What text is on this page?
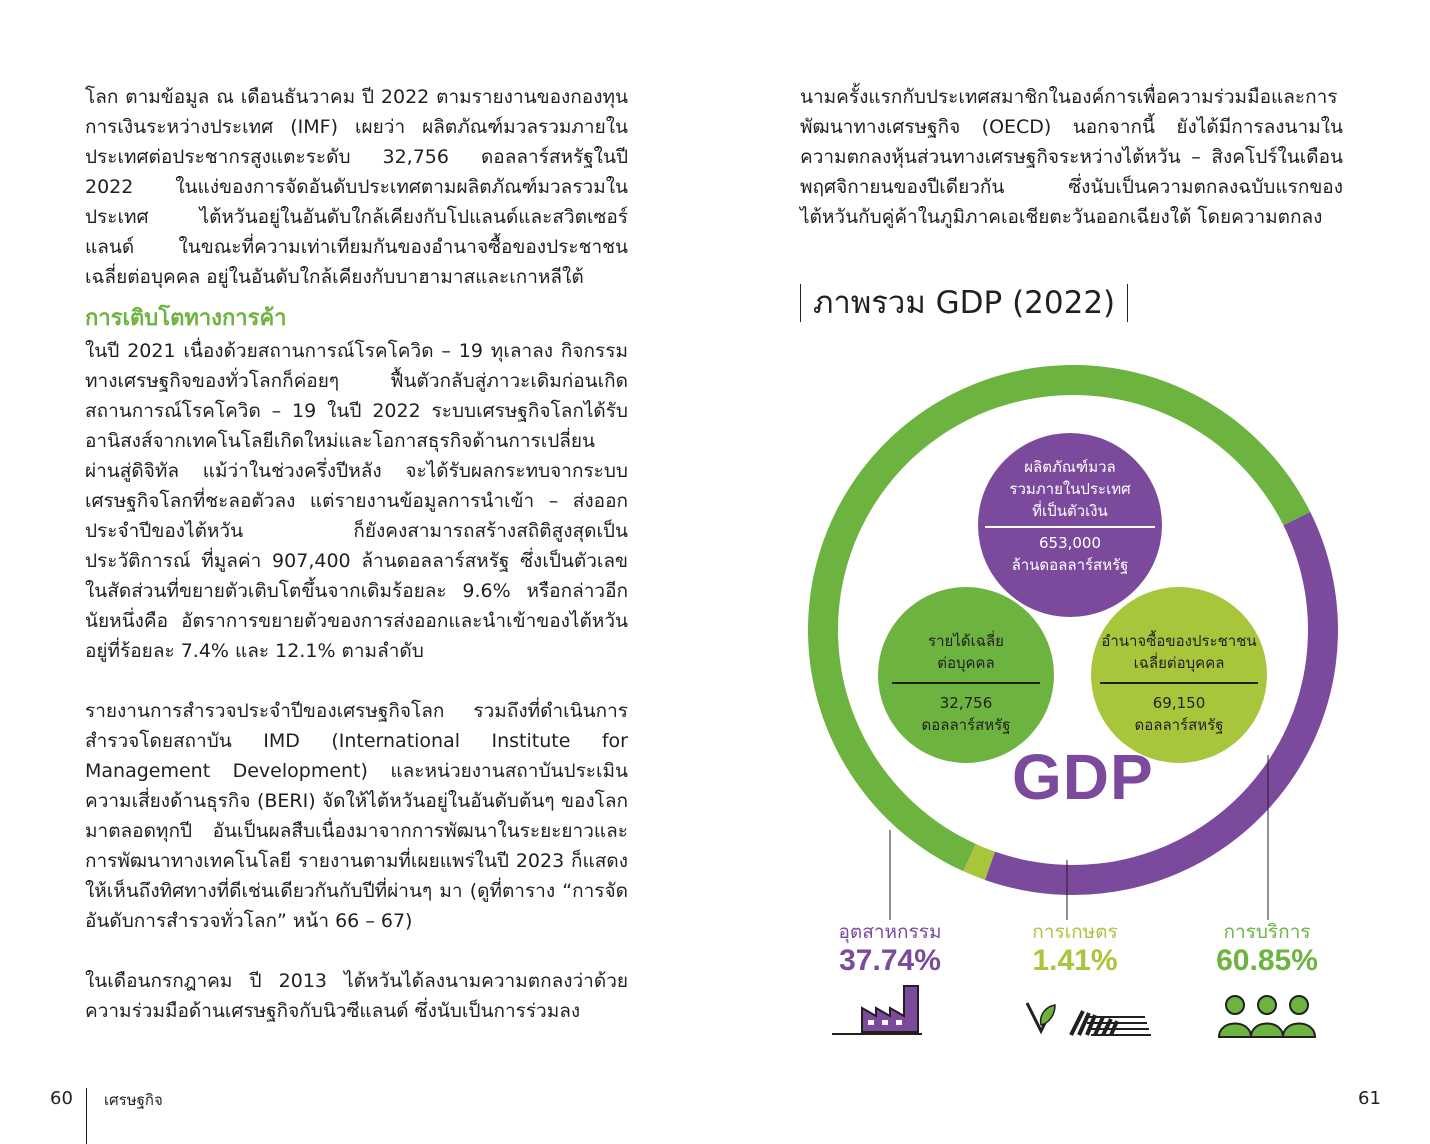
โลก ตามข้อมูล ณ เดือนธันวาคม ปี 2022 ตามรายงานของกองทุนการเงินระหว่างประเทศ (IMF) เผยว่า ผลิตภัณฑ์มวลรวมภายในประเทศต่อประชากรสูงแตะระดับ 32,756 ดอลลาร์สหรัฐในปี 2022 ในแง่ของการจัดอันดับประเทศตามผลิตภัณฑ์มวลรวมในประเทศ ไต้หวันอยู่ในอันดับใกล้เคียงกับโปแลนด์และสวิตเซอร์แลนด์ ในขณะที่ความเท่าเทียมกันของอำนาจซื้อของประชาชนเฉลี่ยต่อบุคคล อยู่ในอันดับใกล้เคียงกับบาฮามาสและเกาหลีใต้

การเติบโตทางการค้า

ในปี 2021 เนื่องด้วยสถานการณ์โรคโควิด – 19 ทุเลาลง กิจกรรมทางเศรษฐกิจของทั่วโลกก็ค่อยๆ ฟื้นตัวกลับสู่ภาวะเดิมก่อนเกิดสถานการณ์โรคโควิด – 19 ในปี 2022 ระบบเศรษฐกิจโลกได้รับอานิสงส์จากเทคโนโลยีเกิดใหม่และโอกาสธุรกิจด้านการเปลี่ยนผ่านสู่ดิจิทัล แม้ว่าในช่วงครึ่งปีหลัง จะได้รับผลกระทบจากระบบเศรษฐกิจโลกที่ชะลอตัวลง แต่รายงานข้อมูลการนำเข้า – ส่งออกประจำปีของไต้หวัน ก็ยังคงสามารถสร้างสถิติสูงสุดเป็นประวัติการณ์ ที่มูลค่า 907,400 ล้านดอลลาร์สหรัฐ ซึ่งเป็นตัวเลขในสัดส่วนที่ขยายตัวเติบโตขึ้นจากเดิมร้อยละ 9.6% หรือกล่าวอีกนัยหนึ่งคือ อัตราการขยายตัวของการส่งออกและนำเข้าของไต้หวัน อยู่ที่ร้อยละ 7.4% และ 12.1% ตามลำดับ

รายงานการสำรวจประจำปีของเศรษฐกิจโลก รวมถึงที่ดำเนินการสำรวจโดยสถาบัน IMD (International Institute for Management Development) และหน่วยงานสถาบันประเมินความเสี่ยงด้านธุรกิจ (BERI) จัดให้ไต้หวันอยู่ในอันดับต้นๆ ของโลกมาตลอดทุกปี อันเป็นผลสืบเนื่องมาจากการพัฒนาในระยะยาวและการพัฒนาทางเทคโนโลยี รายงานตามที่เผยแพร่ในปี 2023 ก็แสดงให้เห็นถึงทิศทางที่ดีเช่นเดียวกันกับปีที่ผ่านๆ มา (ดูที่ตาราง “การจัดอันดับการสำรวจทั่วโลก” หน้า 66 – 67)

ในเดือนกรกฎาคม ปี 2013 ไต้หวันได้ลงนามความตกลงว่าด้วยความร่วมมือด้านเศรษฐกิจกับนิวซีแลนด์ ซึ่งนับเป็นการร่วมลง

นามครั้งแรกกับประเทศสมาชิกในองค์การเพื่อความร่วมมือและการพัฒนาทางเศรษฐกิจ (OECD) นอกจากนี้ ยังได้มีการลงนามในความตกลงหุ้นส่วนทางเศรษฐกิจระหว่างไต้หวัน – สิงคโปร์ในเดือนพฤศจิกายนของปีเดียวกัน ซึ่งนับเป็นความตกลงฉบับแรกของไต้หวันกับคู่ค้าในภูมิภาคเอเชียตะวันออกเฉียงใต้ โดยความตกลง

ภาพรวม GDP (2022)
ผลิตภัณฑ์มวล
รวมภายในประเทศ
ที่เป็นตัวเงิน
653,000
ล้านดอลลาร์สหรัฐ
รายได้เฉลี่ย
ต่อบุคคล
32,756
ดอลลาร์สหรัฐ
อำนาจซื้อของประชาชน
เฉลี่ยต่อบุคคล
69,150
ดอลลาร์สหรัฐ
GDP
อุตสาหกรรม
37.74%
การเกษตร
1.41%
การบริการ
60.85%
60 เศรษฐกิจ	61
